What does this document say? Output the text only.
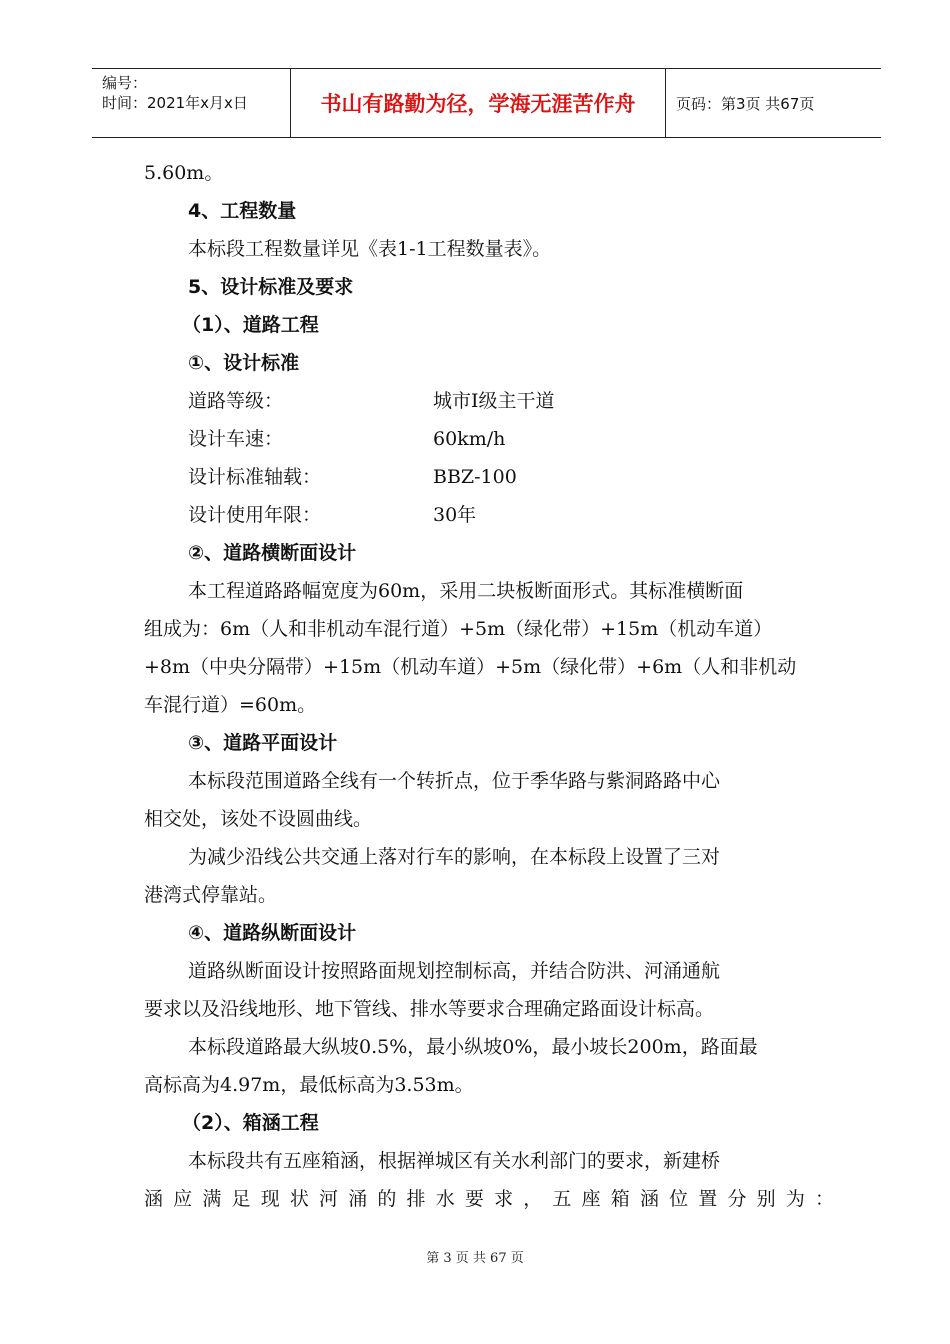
编号：
时间：2021年x月x日	书山有路勤为径，学海无涯苦作舟	页码：第3页 共67页
5.60m。
4、工程数量
本标段工程数量详见《表1-1工程数量表》。
5、设计标准及要求
（1）、道路工程
①、设计标准
道路等级：	城市Ⅰ级主干道
设计车速：	60km/h
设计标准轴载：	BBZ-100
设计使用年限：	30年
②、道路横断面设计
本工程道路路幅宽度为60m，采用二块板断面形式。其标准横断面
组成为：6m（人和非机动车混行道）+5m（绿化带）+15m（机动车道）
+8m（中央分隔带）+15m（机动车道）+5m（绿化带）+6m（人和非机动
车混行道）=60m。
③、道路平面设计
本标段范围道路全线有一个转折点，位于季华路与紫洞路路中心
相交处，该处不设圆曲线。
为减少沿线公共交通上落对行车的影响，在本标段上设置了三对
港湾式停靠站。
④、道路纵断面设计
道路纵断面设计按照路面规划控制标高，并结合防洪、河涌通航
要求以及沿线地形、地下管线、排水等要求合理确定路面设计标高。
本标段道路最大纵坡0.5%，最小纵坡0%，最小坡长200m，路面最
高标高为4.97m，最低标高为3.53m。
（2）、箱涵工程
本标段共有五座箱涵，根据禅城区有关水利部门的要求，新建桥
涵应满足现状河涌的排水要求，五座箱涵位置分别为：
第 3 页 共 67 页
